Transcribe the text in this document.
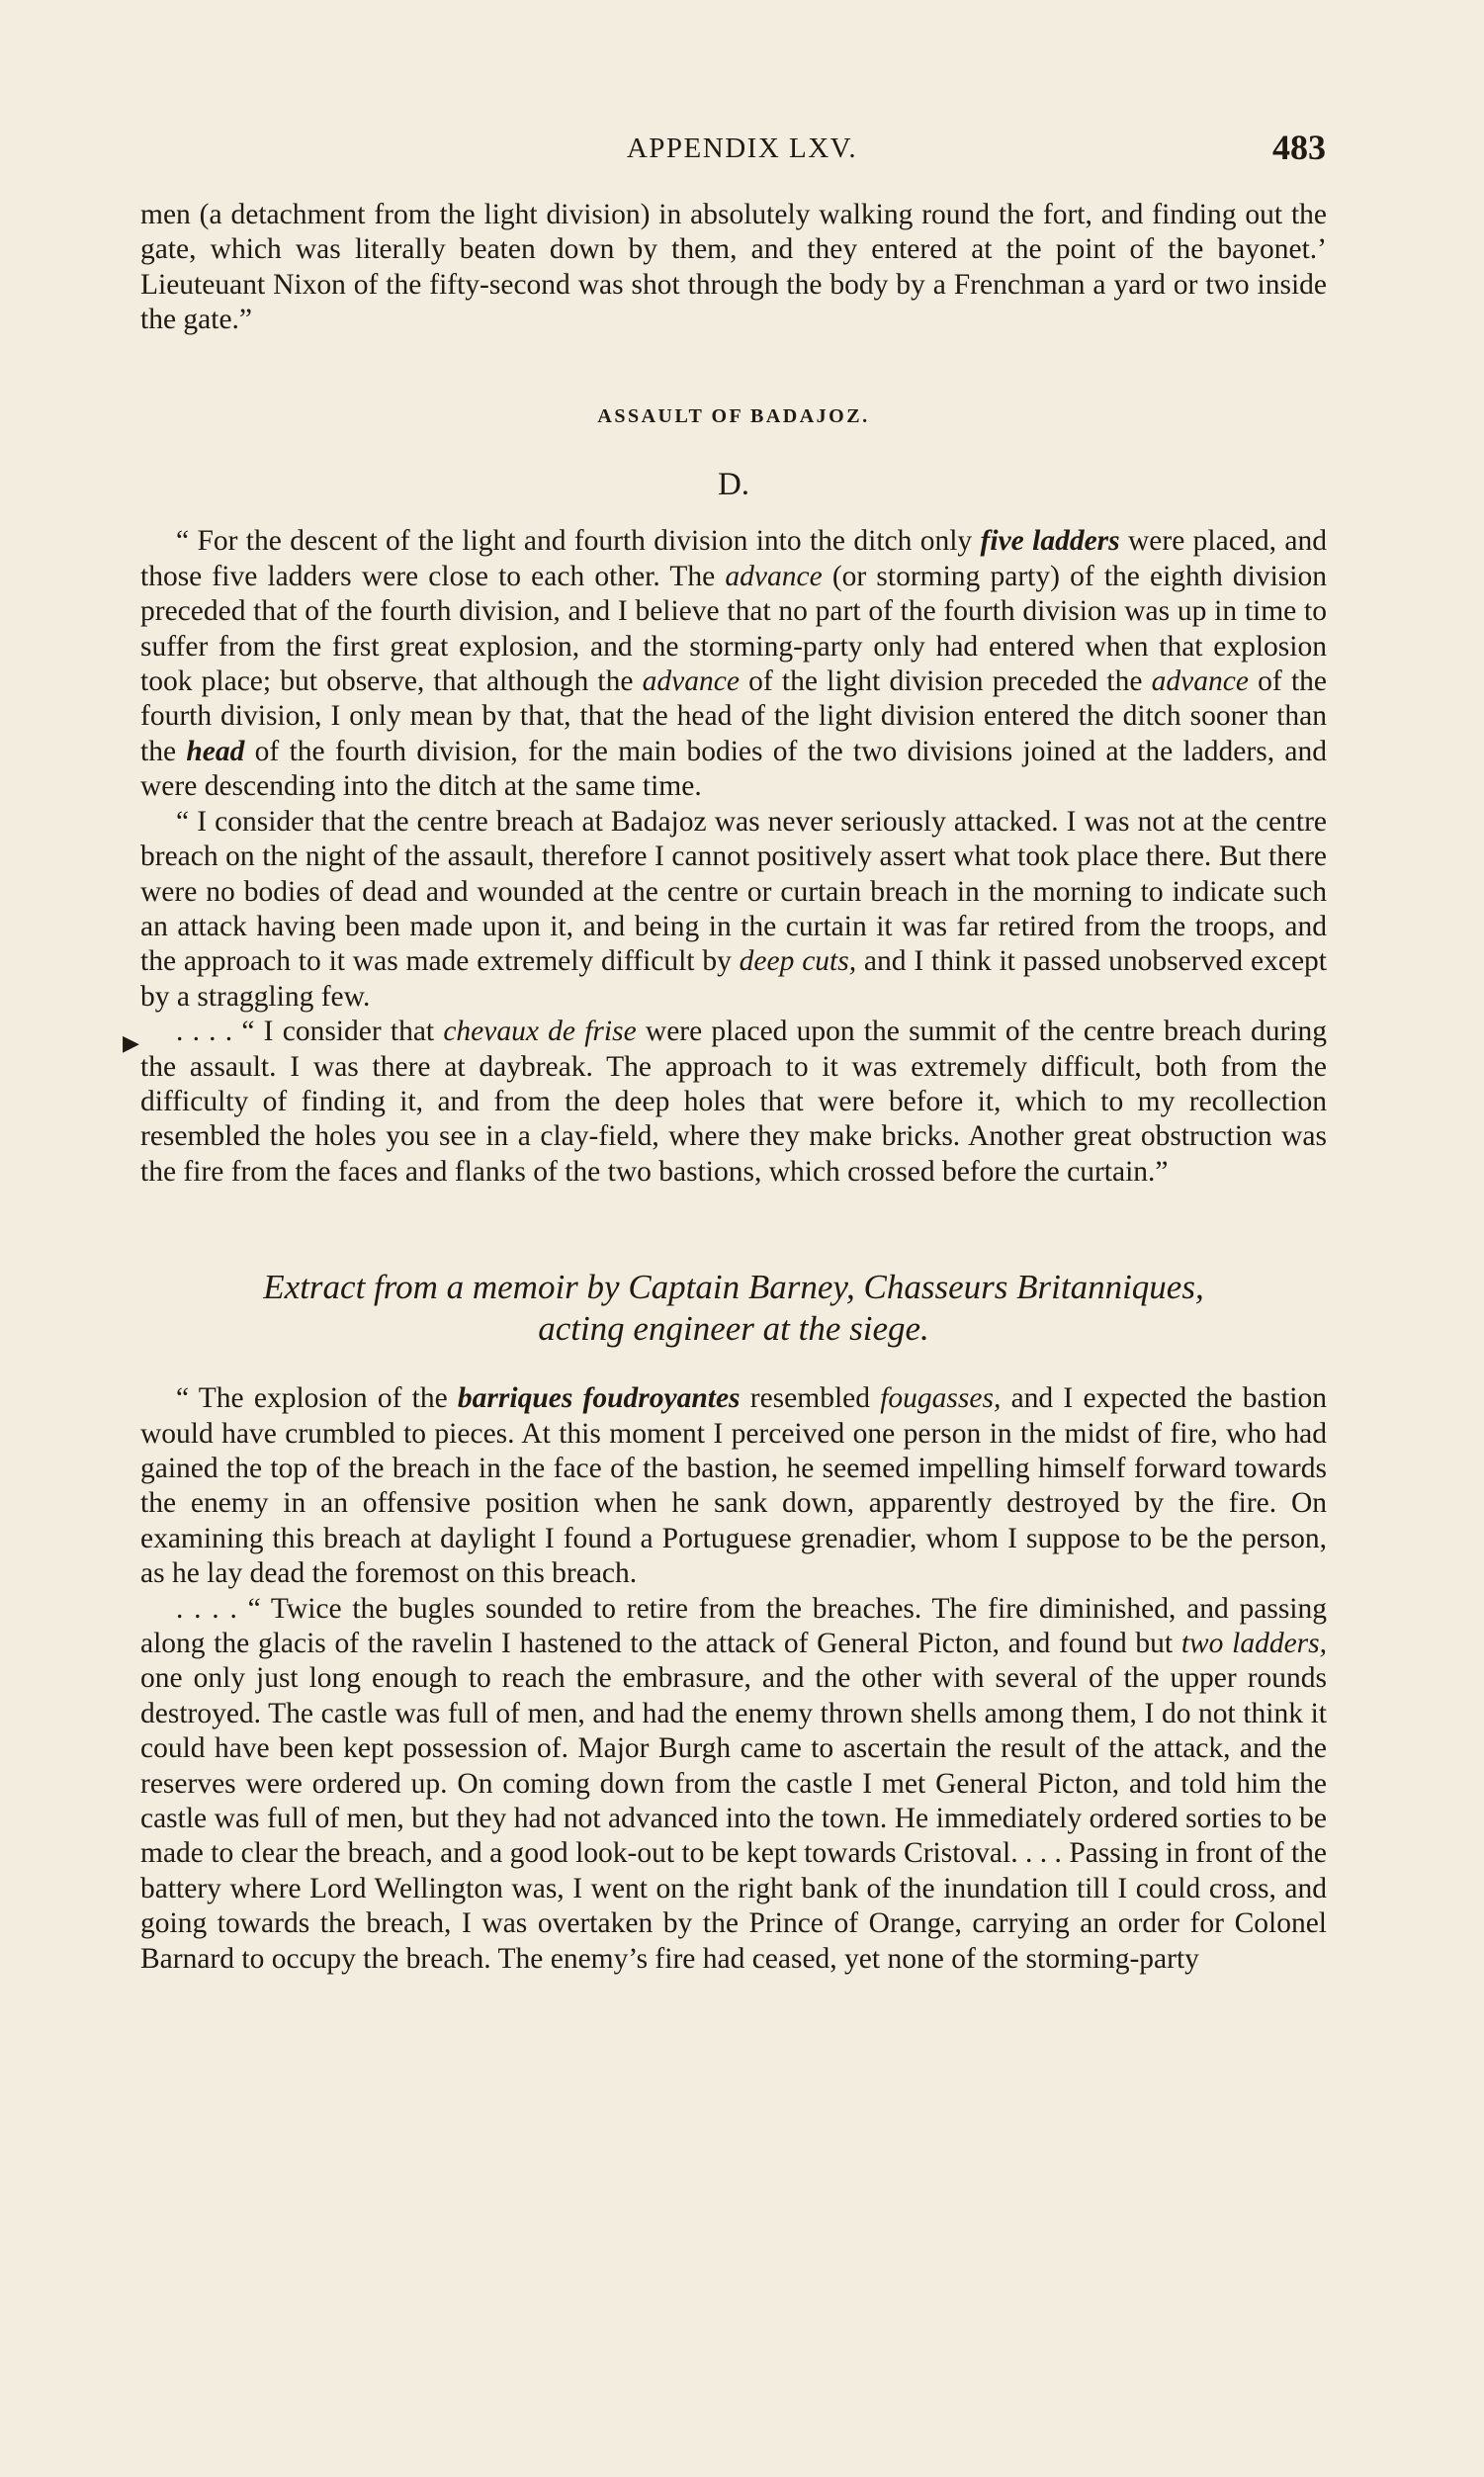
APPENDIX LXV.	483
▶

men (a detachment from the light division) in absolutely walking round the fort, and finding out the gate, which was literally beaten down by them, and they entered at the point of the bayonet.’ Lieuteuant Nixon of the fifty-second was shot through the body by a Frenchman a yard or two inside the gate.”

ASSAULT OF BADAJOZ.
D.

“ For the descent of the light and fourth division into the ditch only five ladders were placed, and those five ladders were close to each other. The advance (or storming party) of the eighth division preceded that of the fourth division, and I believe that no part of the fourth division was up in time to suffer from the first great explosion, and the storming-party only had entered when that explosion took place; but observe, that although the advance of the light division preceded the advance of the fourth division, I only mean by that, that the head of the light division entered the ditch sooner than the head of the fourth division, for the main bodies of the two divisions joined at the ladders, and were descending into the ditch at the same time.

“ I consider that the centre breach at Badajoz was never seriously attacked. I was not at the centre breach on the night of the assault, therefore I cannot positively assert what took place there. But there were no bodies of dead and wounded at the centre or curtain breach in the morning to indicate such an attack having been made upon it, and being in the curtain it was far retired from the troops, and the approach to it was made extremely difficult by deep cuts, and I think it passed unobserved except by a straggling few.

. . . . “ I consider that chevaux de frise were placed upon the summit of the centre breach during the assault. I was there at daybreak. The approach to it was extremely difficult, both from the difficulty of finding it, and from the deep holes that were before it, which to my recollection resembled the holes you see in a clay-field, where they make bricks. Another great obstruction was the fire from the faces and flanks of the two bastions, which crossed before the curtain.”

Extract from a memoir by Captain Barney, Chasseurs Britanniques,
acting engineer at the siege.

“ The explosion of the barriques foudroyantes resembled fougasses, and I expected the bastion would have crumbled to pieces. At this moment I perceived one person in the midst of fire, who had gained the top of the breach in the face of the bastion, he seemed impelling himself forward towards the enemy in an offensive position when he sank down, apparently destroyed by the fire. On examining this breach at daylight I found a Portuguese grenadier, whom I suppose to be the person, as he lay dead the foremost on this breach.

. . . . “ Twice the bugles sounded to retire from the breaches. The fire diminished, and passing along the glacis of the ravelin I hastened to the attack of General Picton, and found but two ladders, one only just long enough to reach the embrasure, and the other with several of the upper rounds destroyed. The castle was full of men, and had the enemy thrown shells among them, I do not think it could have been kept possession of. Major Burgh came to ascertain the result of the attack, and the reserves were ordered up. On coming down from the castle I met General Picton, and told him the castle was full of men, but they had not advanced into the town. He immediately ordered sorties to be made to clear the breach, and a good look-out to be kept towards Cristoval. . . . Passing in front of the battery where Lord Wellington was, I went on the right bank of the inundation till I could cross, and going towards the breach, I was overtaken by the Prince of Orange, carrying an order for Colonel Barnard to occupy the breach. The enemy’s fire had ceased, yet none of the storming-party
